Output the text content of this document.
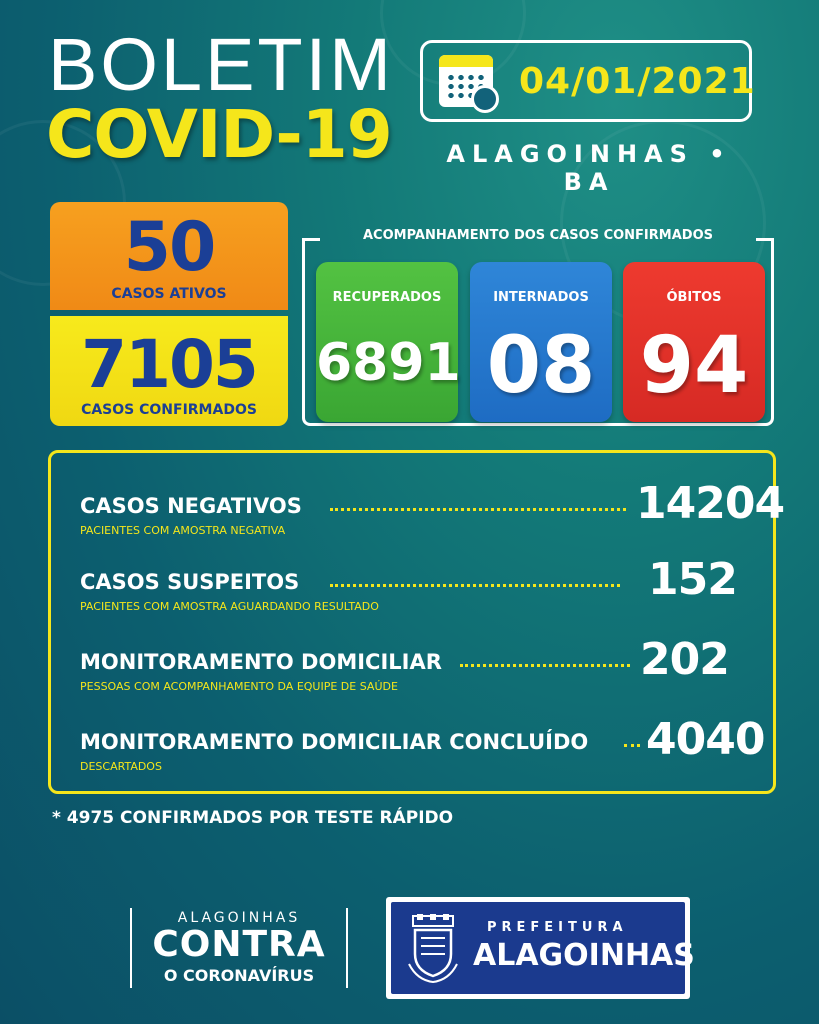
BOLETIM
COVID-19
04/01/2021
ALAGOINHAS • BA
50
CASOS ATIVOS
7105
CASOS CONFIRMADOS
ACOMPANHAMENTO DOS CASOS CONFIRMADOS
RECUPERADOS
6891
INTERNADOS
08
ÓBITOS
94
CASOS NEGATIVOS
PACIENTES COM AMOSTRA NEGATIVA
14204
CASOS SUSPEITOS
PACIENTES COM AMOSTRA AGUARDANDO RESULTADO
152
MONITORAMENTO DOMICILIAR
PESSOAS COM ACOMPANHAMENTO DA EQUIPE DE SAÚDE
202
MONITORAMENTO DOMICILIAR CONCLUÍDO
DESCARTADOS
4040
* 4975 CONFIRMADOS POR TESTE RÁPIDO
ALAGOINHAS
CONTRA
O CORONAVÍRUS
PREFEITURA
ALAGOINHAS
